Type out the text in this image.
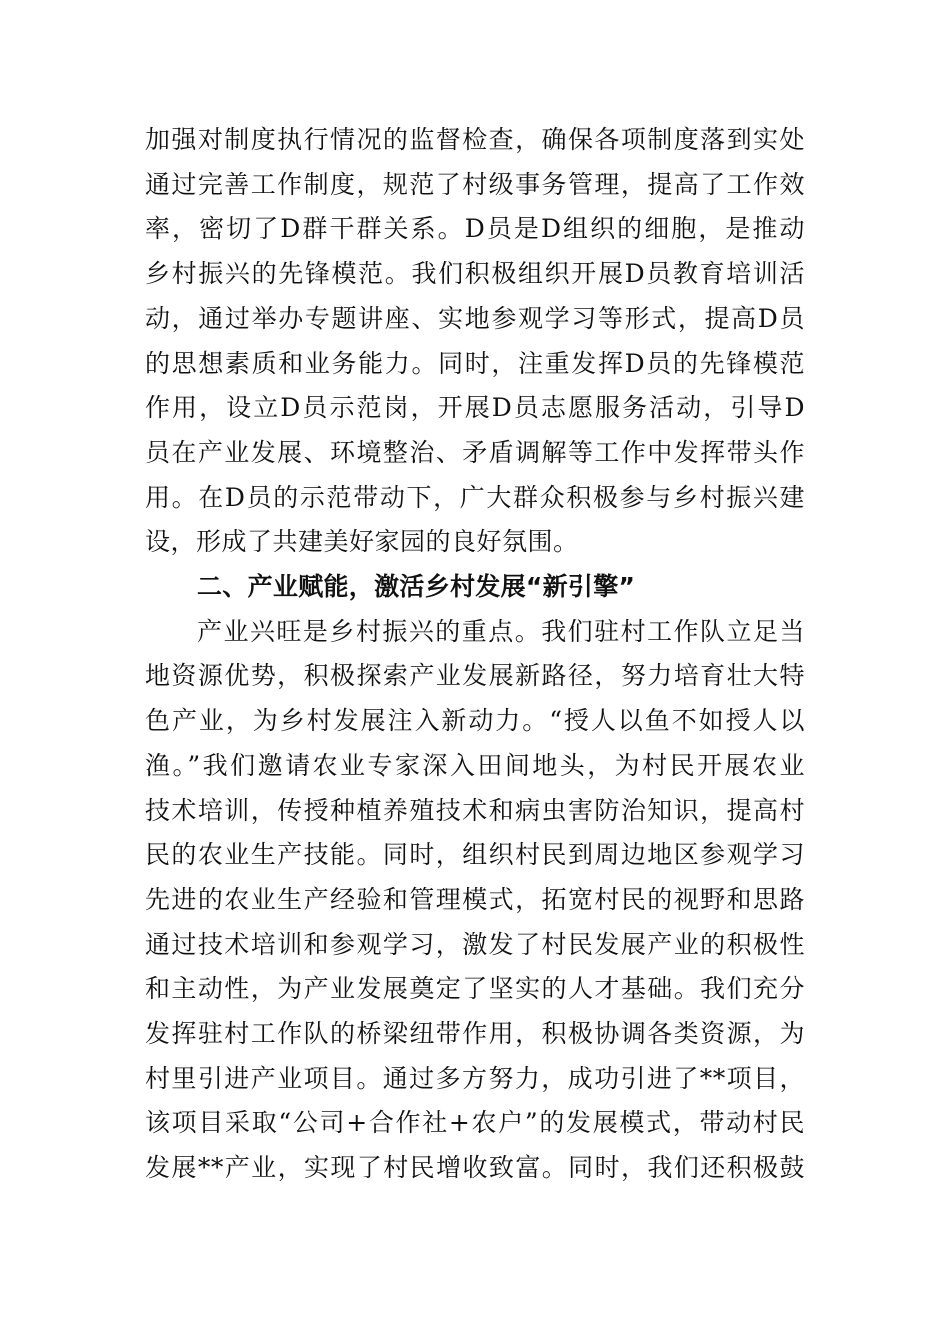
加强对制度执行情况的监督检查，确保各项制度落到实处
通过完善工作制度，规范了村级事务管理，提高了工作效
率，密切了D群干群关系。D员是D组织的细胞，是推动
乡村振兴的先锋模范。我们积极组织开展D员教育培训活
动，通过举办专题讲座、实地参观学习等形式，提高D员
的思想素质和业务能力。同时，注重发挥D员的先锋模范
作用，设立D员示范岗，开展D员志愿服务活动，引导D
员在产业发展、环境整治、矛盾调解等工作中发挥带头作
用。在D员的示范带动下，广大群众积极参与乡村振兴建
设，形成了共建美好家园的良好氛围。
二、产业赋能，激活乡村发展“新引擎”
产业兴旺是乡村振兴的重点。我们驻村工作队立足当
地资源优势，积极探索产业发展新路径，努力培育壮大特
色产业，为乡村发展注入新动力。“授人以鱼不如授人以
渔。”我们邀请农业专家深入田间地头，为村民开展农业
技术培训，传授种植养殖技术和病虫害防治知识，提高村
民的农业生产技能。同时，组织村民到周边地区参观学习
先进的农业生产经验和管理模式，拓宽村民的视野和思路
通过技术培训和参观学习，激发了村民发展产业的积极性
和主动性，为产业发展奠定了坚实的人才基础。我们充分
发挥驻村工作队的桥梁纽带作用，积极协调各类资源，为
村里引进产业项目。通过多方努力，成功引进了**项目，
该项目采取“公司+合作社+农户”的发展模式，带动村民
发展**产业，实现了村民增收致富。同时，我们还积极鼓
